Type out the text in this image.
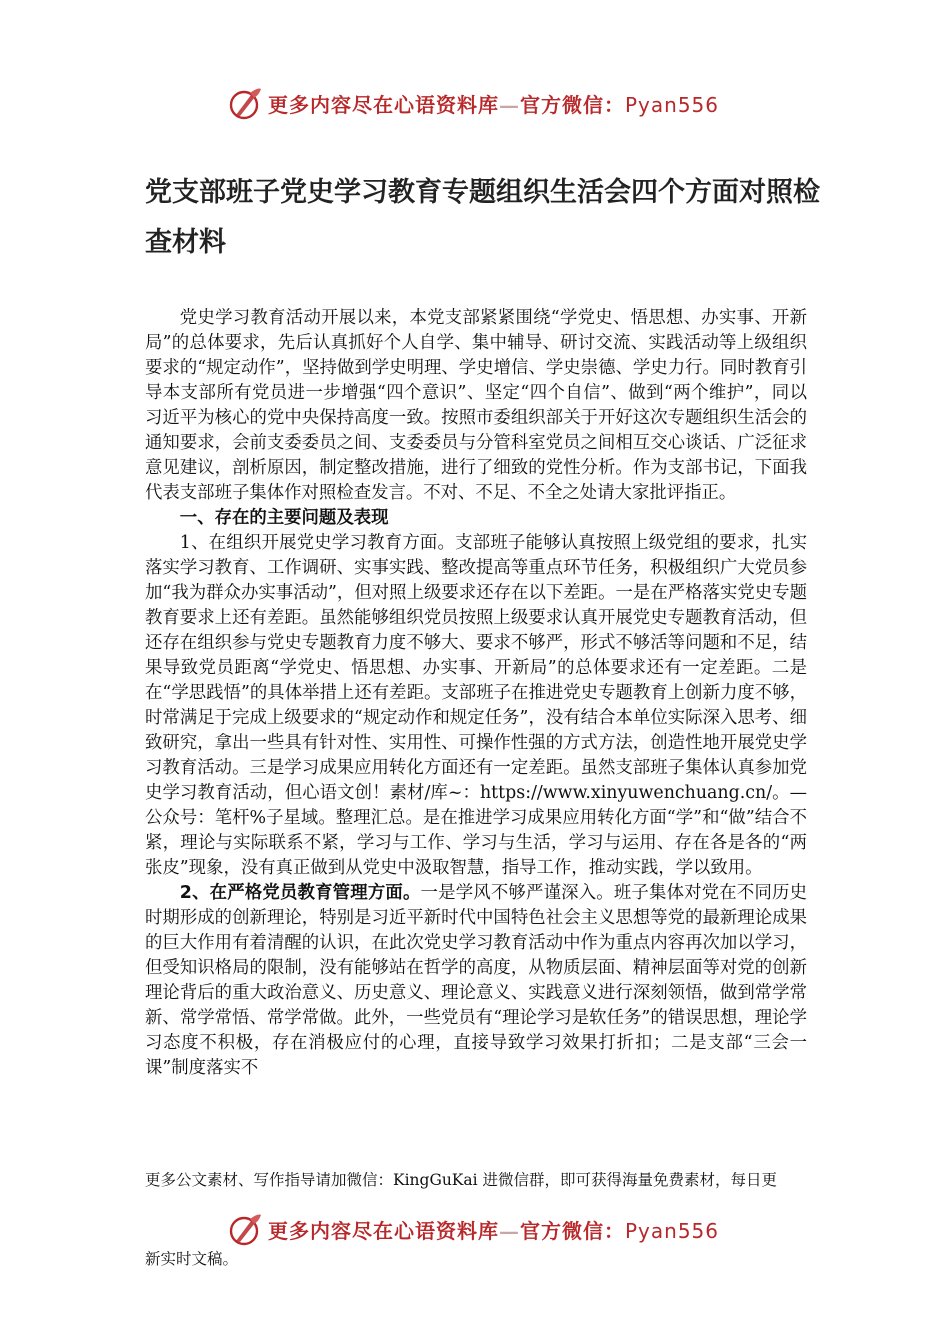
更多内容尽在心语资料库—官方微信：Pyan556
党支部班子党史学习教育专题组织生活会四个方面对照检查材料

党史学习教育活动开展以来，本党支部紧紧围绕“学党史、悟思想、办实事、开新局”的总体要求，先后认真抓好个人自学、集中辅导、研讨交流、实践活动等上级组织要求的“规定动作”，坚持做到学史明理、学史增信、学史崇德、学史力行。同时教育引导本支部所有党员进一步增强“四个意识”、坚定“四个自信”、做到“两个维护”，同以习近平为核心的党中央保持高度一致。按照市委组织部关于开好这次专题组织生活会的通知要求，会前支委委员之间、支委委员与分管科室党员之间相互交心谈话、广泛征求意见建议，剖析原因，制定整改措施，进行了细致的党性分析。作为支部书记，下面我代表支部班子集体作对照检查发言。不对、不足、不全之处请大家批评指正。

一、存在的主要问题及表现

1、在组织开展党史学习教育方面。支部班子能够认真按照上级党组的要求，扎实落实学习教育、工作调研、实事实践、整改提高等重点环节任务，积极组织广大党员参加“我为群众办实事活动”，但对照上级要求还存在以下差距。一是在严格落实党史专题教育要求上还有差距。虽然能够组织党员按照上级要求认真开展党史专题教育活动，但还存在组织参与党史专题教育力度不够大、要求不够严，形式不够活等问题和不足，结果导致党员距离“学党史、悟思想、办实事、开新局”的总体要求还有一定差距。二是在“学思践悟”的具体举措上还有差距。支部班子在推进党史专题教育上创新力度不够，时常满足于完成上级要求的“规定动作和规定任务”，没有结合本单位实际深入思考、细致研究，拿出一些具有针对性、实用性、可操作性强的方式方法，创造性地开展党史学习教育活动。三是学习成果应用转化方面还有一定差距。虽然支部班子集体认真参加党史学习教育活动，但心语文创！素材/库~：https://www.xinyuwenchuang.cn/。—公众号：笔杆%子星域。整理汇总。是在推进学习成果应用转化方面“学”和“做”结合不紧，理论与实际联系不紧，学习与工作、学习与生活，学习与运用、存在各是各的“两张皮”现象，没有真正做到从党史中汲取智慧，指导工作，推动实践，学以致用。

2、在严格党员教育管理方面。一是学风不够严谨深入。班子集体对党在不同历史时期形成的创新理论，特别是习近平新时代中国特色社会主义思想等党的最新理论成果的巨大作用有着清醒的认识，在此次党史学习教育活动中作为重点内容再次加以学习，但受知识格局的限制，没有能够站在哲学的高度，从物质层面、精神层面等对党的创新理论背后的重大政治意义、历史意义、理论意义、实践意义进行深刻领悟，做到常学常新、常学常悟、常学常做。此外，一些党员有“理论学习是软任务”的错误思想，理论学习态度不积极，存在消极应付的心理，直接导致学习效果打折扣；二是支部“三会一课”制度落实不

更多公文素材、写作指导请加微信：KingGuKai 进微信群，即可获得海量免费素材，每日更
更多内容尽在心语资料库—官方微信：Pyan556
新实时文稿。
